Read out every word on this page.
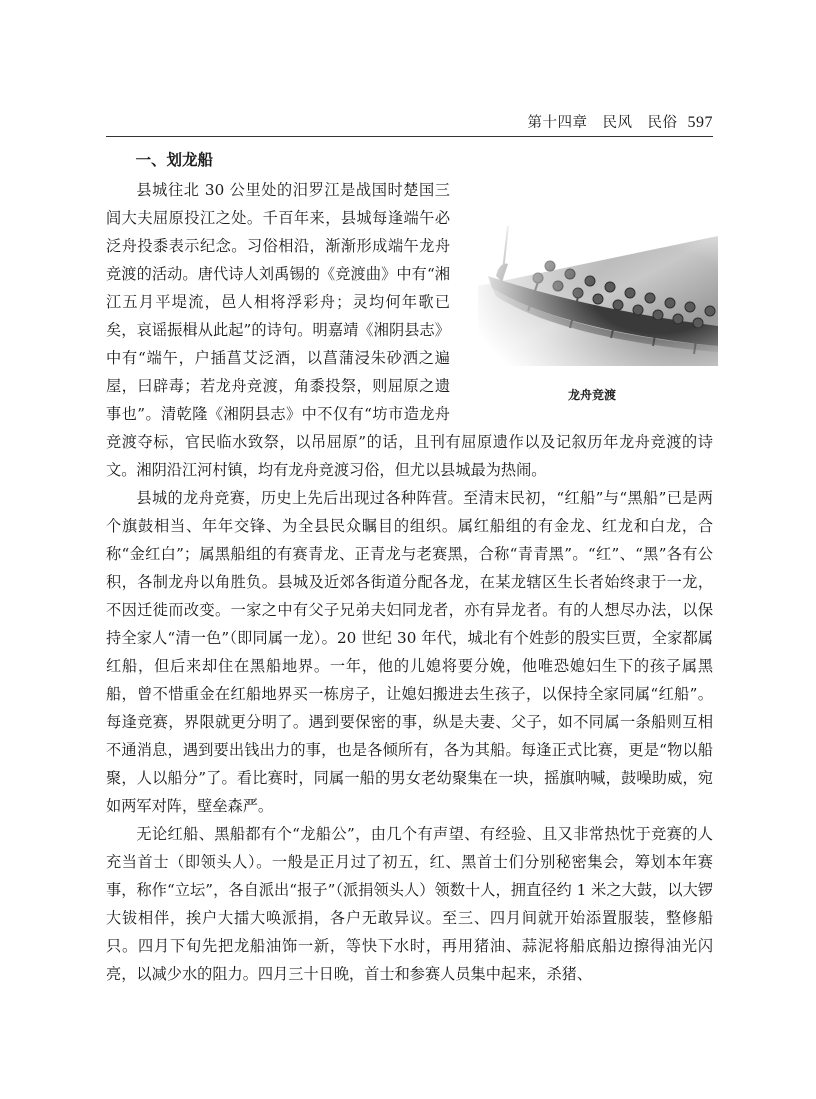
第十四章　民风　民俗 597
一、划龙船
龙舟竞渡

县城往北 30 公里处的汨罗江是战国时楚国三闾大夫屈原投江之处。千百年来，县城每逢端午必泛舟投黍表示纪念。习俗相沿，渐渐形成端午龙舟竞渡的活动。唐代诗人刘禹锡的《竞渡曲》中有“湘江五月平堤流，邑人相将浮彩舟；灵均何年歌已矣，哀谣振楫从此起”的诗句。明嘉靖《湘阴县志》中有“端午，户插菖艾泛酒，以菖蒲浸朱砂洒之遍屋，曰辟毒；若龙舟竞渡，角黍投祭，则屈原之遗事也”。清乾隆《湘阴县志》中不仅有“坊市造龙舟竞渡夺标，官民临水致祭，以吊屈原”的话，且刊有屈原遗作以及记叙历年龙舟竞渡的诗文。湘阴沿江河村镇，均有龙舟竞渡习俗，但尤以县城最为热闹。

县城的龙舟竞赛，历史上先后出现过各种阵营。至清末民初，“红船”与“黑船”已是两个旗鼓相当、年年交锋、为全县民众瞩目的组织。属红船组的有金龙、红龙和白龙，合称“金红白”；属黑船组的有赛青龙、正青龙与老赛黑，合称“青青黑”。“红”、“黑”各有公积，各制龙舟以角胜负。县城及近郊各街道分配各龙，在某龙辖区生长者始终隶于一龙，不因迁徙而改变。一家之中有父子兄弟夫妇同龙者，亦有异龙者。有的人想尽办法，以保持全家人“清一色”（即同属一龙）。20 世纪 30 年代，城北有个姓彭的殷实巨贾，全家都属红船，但后来却住在黑船地界。一年，他的儿媳将要分娩，他唯恐媳妇生下的孩子属黑船，曾不惜重金在红船地界买一栋房子，让媳妇搬进去生孩子，以保持全家同属“红船”。每逢竞赛，界限就更分明了。遇到要保密的事，纵是夫妻、父子，如不同属一条船则互相不通消息，遇到要出钱出力的事，也是各倾所有，各为其船。每逢正式比赛，更是“物以船聚，人以船分”了。看比赛时，同属一船的男女老幼聚集在一块，摇旗呐喊，鼓噪助威，宛如两军对阵，壁垒森严。

无论红船、黑船都有个“龙船公”，由几个有声望、有经验、且又非常热忱于竞赛的人充当首士（即领头人）。一般是正月过了初五，红、黑首士们分别秘密集会，筹划本年赛事，称作“立坛”，各自派出“报子”（派捐领头人）领数十人，拥直径约 1 米之大鼓，以大锣大钹相伴，挨户大擂大唤派捐，各户无敢异议。至三、四月间就开始添置服装，整修船只。四月下旬先把龙船油饰一新，等快下水时，再用猪油、蒜泥将船底船边擦得油光闪亮，以减少水的阻力。四月三十日晚，首士和参赛人员集中起来，杀猪、
